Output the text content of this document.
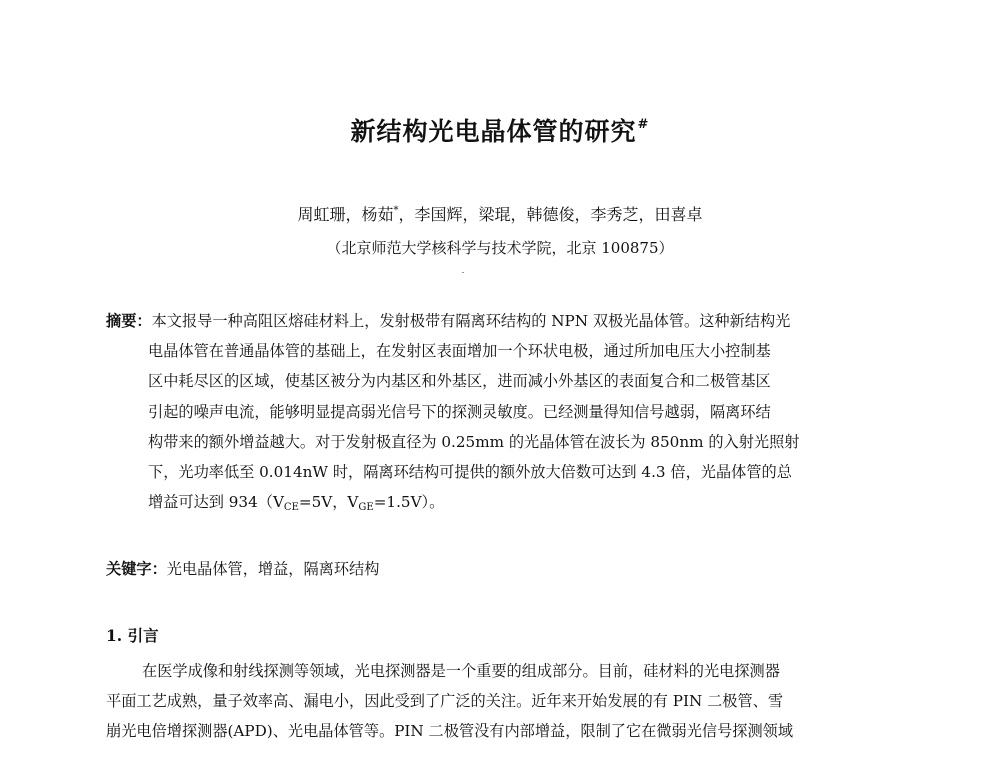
新结构光电晶体管的研究#
周虹珊，杨茹*，李国辉，梁琨，韩德俊，李秀芝，田喜卓
（北京师范大学核科学与技术学院，北京 100875）
摘要：本文报导一种高阻区熔硅材料上，发射极带有隔离环结构的 NPN 双极光晶体管。这种新结构光
电晶体管在普通晶体管的基础上，在发射区表面增加一个环状电极，通过所加电压大小控制基
区中耗尽区的区域，使基区被分为内基区和外基区，进而减小外基区的表面复合和二极管基区
引起的噪声电流，能够明显提高弱光信号下的探测灵敏度。已经测量得知信号越弱，隔离环结
构带来的额外增益越大。对于发射极直径为 0.25mm 的光晶体管在波长为 850nm 的入射光照射
下，光功率低至 0.014nW 时，隔离环结构可提供的额外放大倍数可达到 4.3 倍，光晶体管的总
增益可达到 $934(V_{CE}=5V$，$V_{GE}=1.5V$）。
关键字：光电晶体管，增益，隔离环结构
1. 引言
在医学成像和射线探测等领域，光电探测器是一个重要的组成部分。目前，硅材料的光电探测器
平面工艺成熟，量子效率高、漏电小，因此受到了广泛的关注。近年来开始发展的有 PIN 二极管、雪
崩光电倍增探测器(APD)、光电晶体管等。PIN 二极管没有内部增益，限制了它在微弱光信号探测领域
